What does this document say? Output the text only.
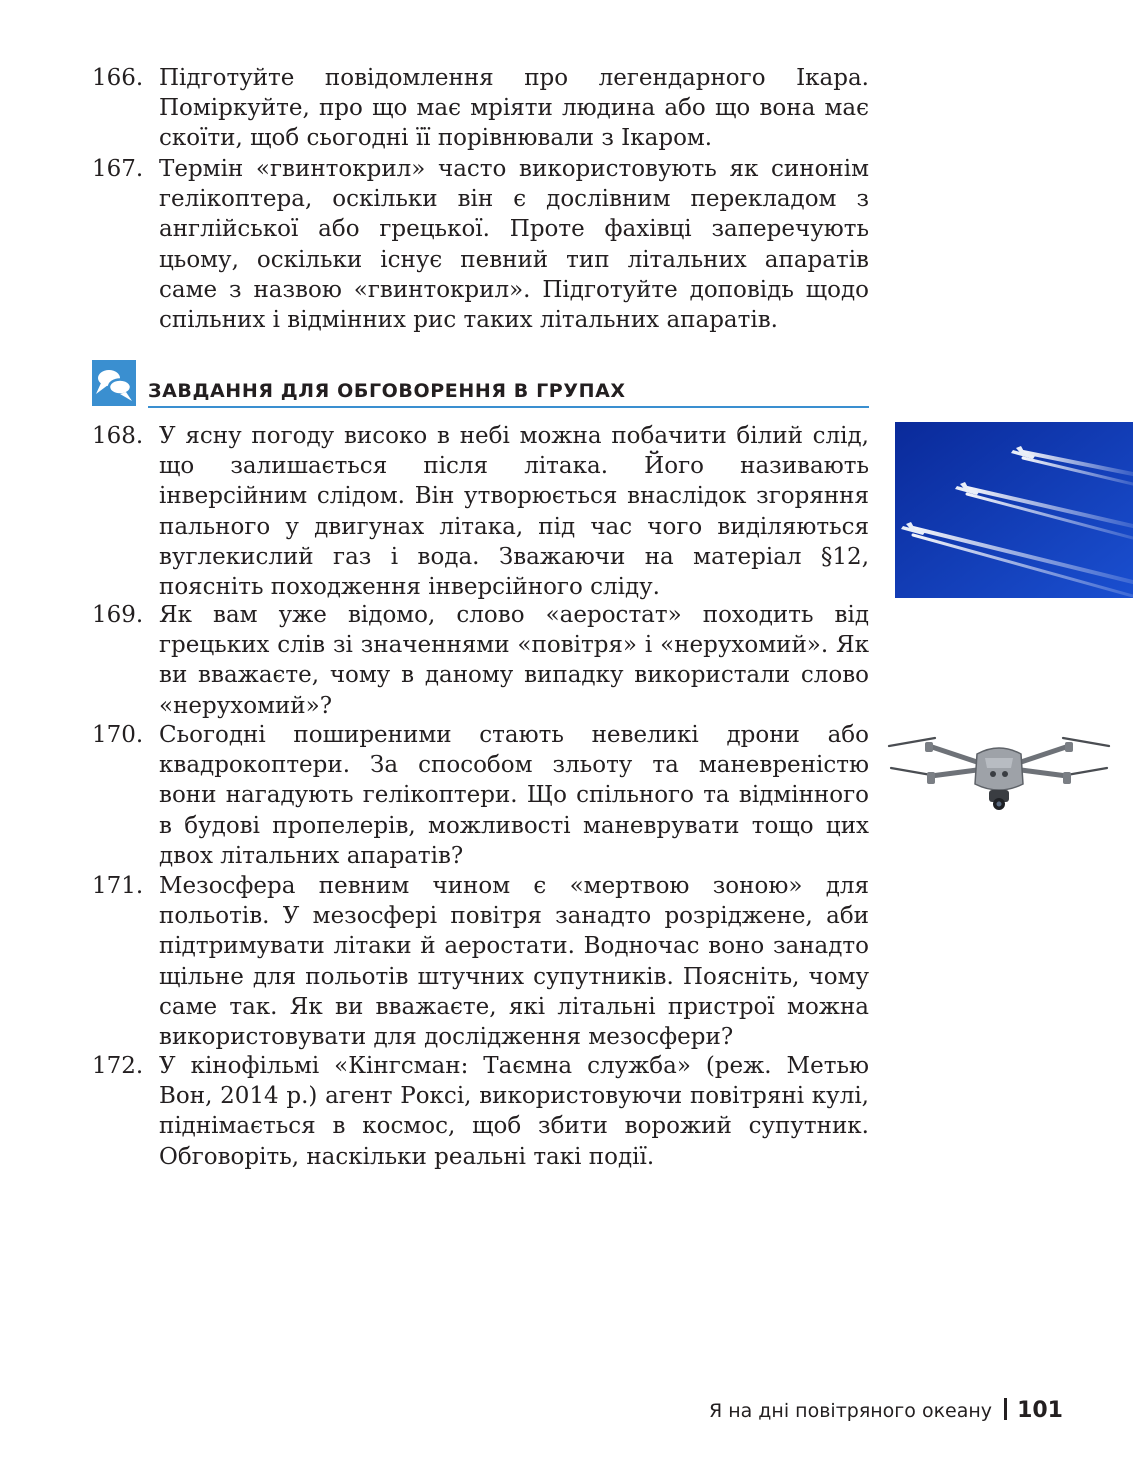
166. Підготуйте повідомлення про легендарного Ікара. Поміркуйте, про що має мріяти людина або що вона має скоїти, щоб сьогодні її порівнювали з Ікаром.
167. Термін «гвинтокрил» часто використовують як синонім гелікоптера, оскільки він є дослівним перекладом з англійської або грецької. Проте фахівці заперечують цьому, оскільки існує певний тип літальних апаратів саме з назвою «гвинтокрил». Підготуйте доповідь щодо спільних і відмінних рис таких літальних апаратів.
ЗАВДАННЯ ДЛЯ ОБГОВОРЕННЯ В ГРУПАХ
168. У ясну погоду високо в небі можна побачити білий слід, що залишається після літака. Його називають інверсійним слідом. Він утворюється внаслідок згоряння пального у двигунах літака, під час чого виділяються вуглекислий газ і вода. Зважаючи на матеріал §12, поясніть походження інверсійного сліду.
169. Як вам уже відомо, слово «аеростат» походить від грецьких слів зі значеннями «повітря» і «нерухомий». Як ви вважаєте, чому в даному випадку використали слово «нерухомий»?
170. Сьогодні поширеними стають невеликі дрони або квадрокоптери. За способом зльоту та маневреністю вони нагадують гелікоптери. Що спільного та відмінного в будові пропелерів, можливості маневрувати тощо цих двох літальних апаратів?
171. Мезосфера певним чином є «мертвою зоною» для польотів. У мезосфері повітря занадто розріджене, аби підтримувати літаки й аеростати. Водночас воно занадто щільне для польотів штучних супутників. Поясніть, чому саме так. Як ви вважаєте, які літальні пристрої можна використовувати для дослідження мезосфери?
172. У кінофільмі «Кінгсман: Таємна служба» (реж. Метью Вон, 2014 р.) агент Роксі, використовуючи повітряні кулі, піднімається в космос, щоб збити ворожий супутник. Обговоріть, наскільки реальні такі події.
Я на дні повітряного океану 101
